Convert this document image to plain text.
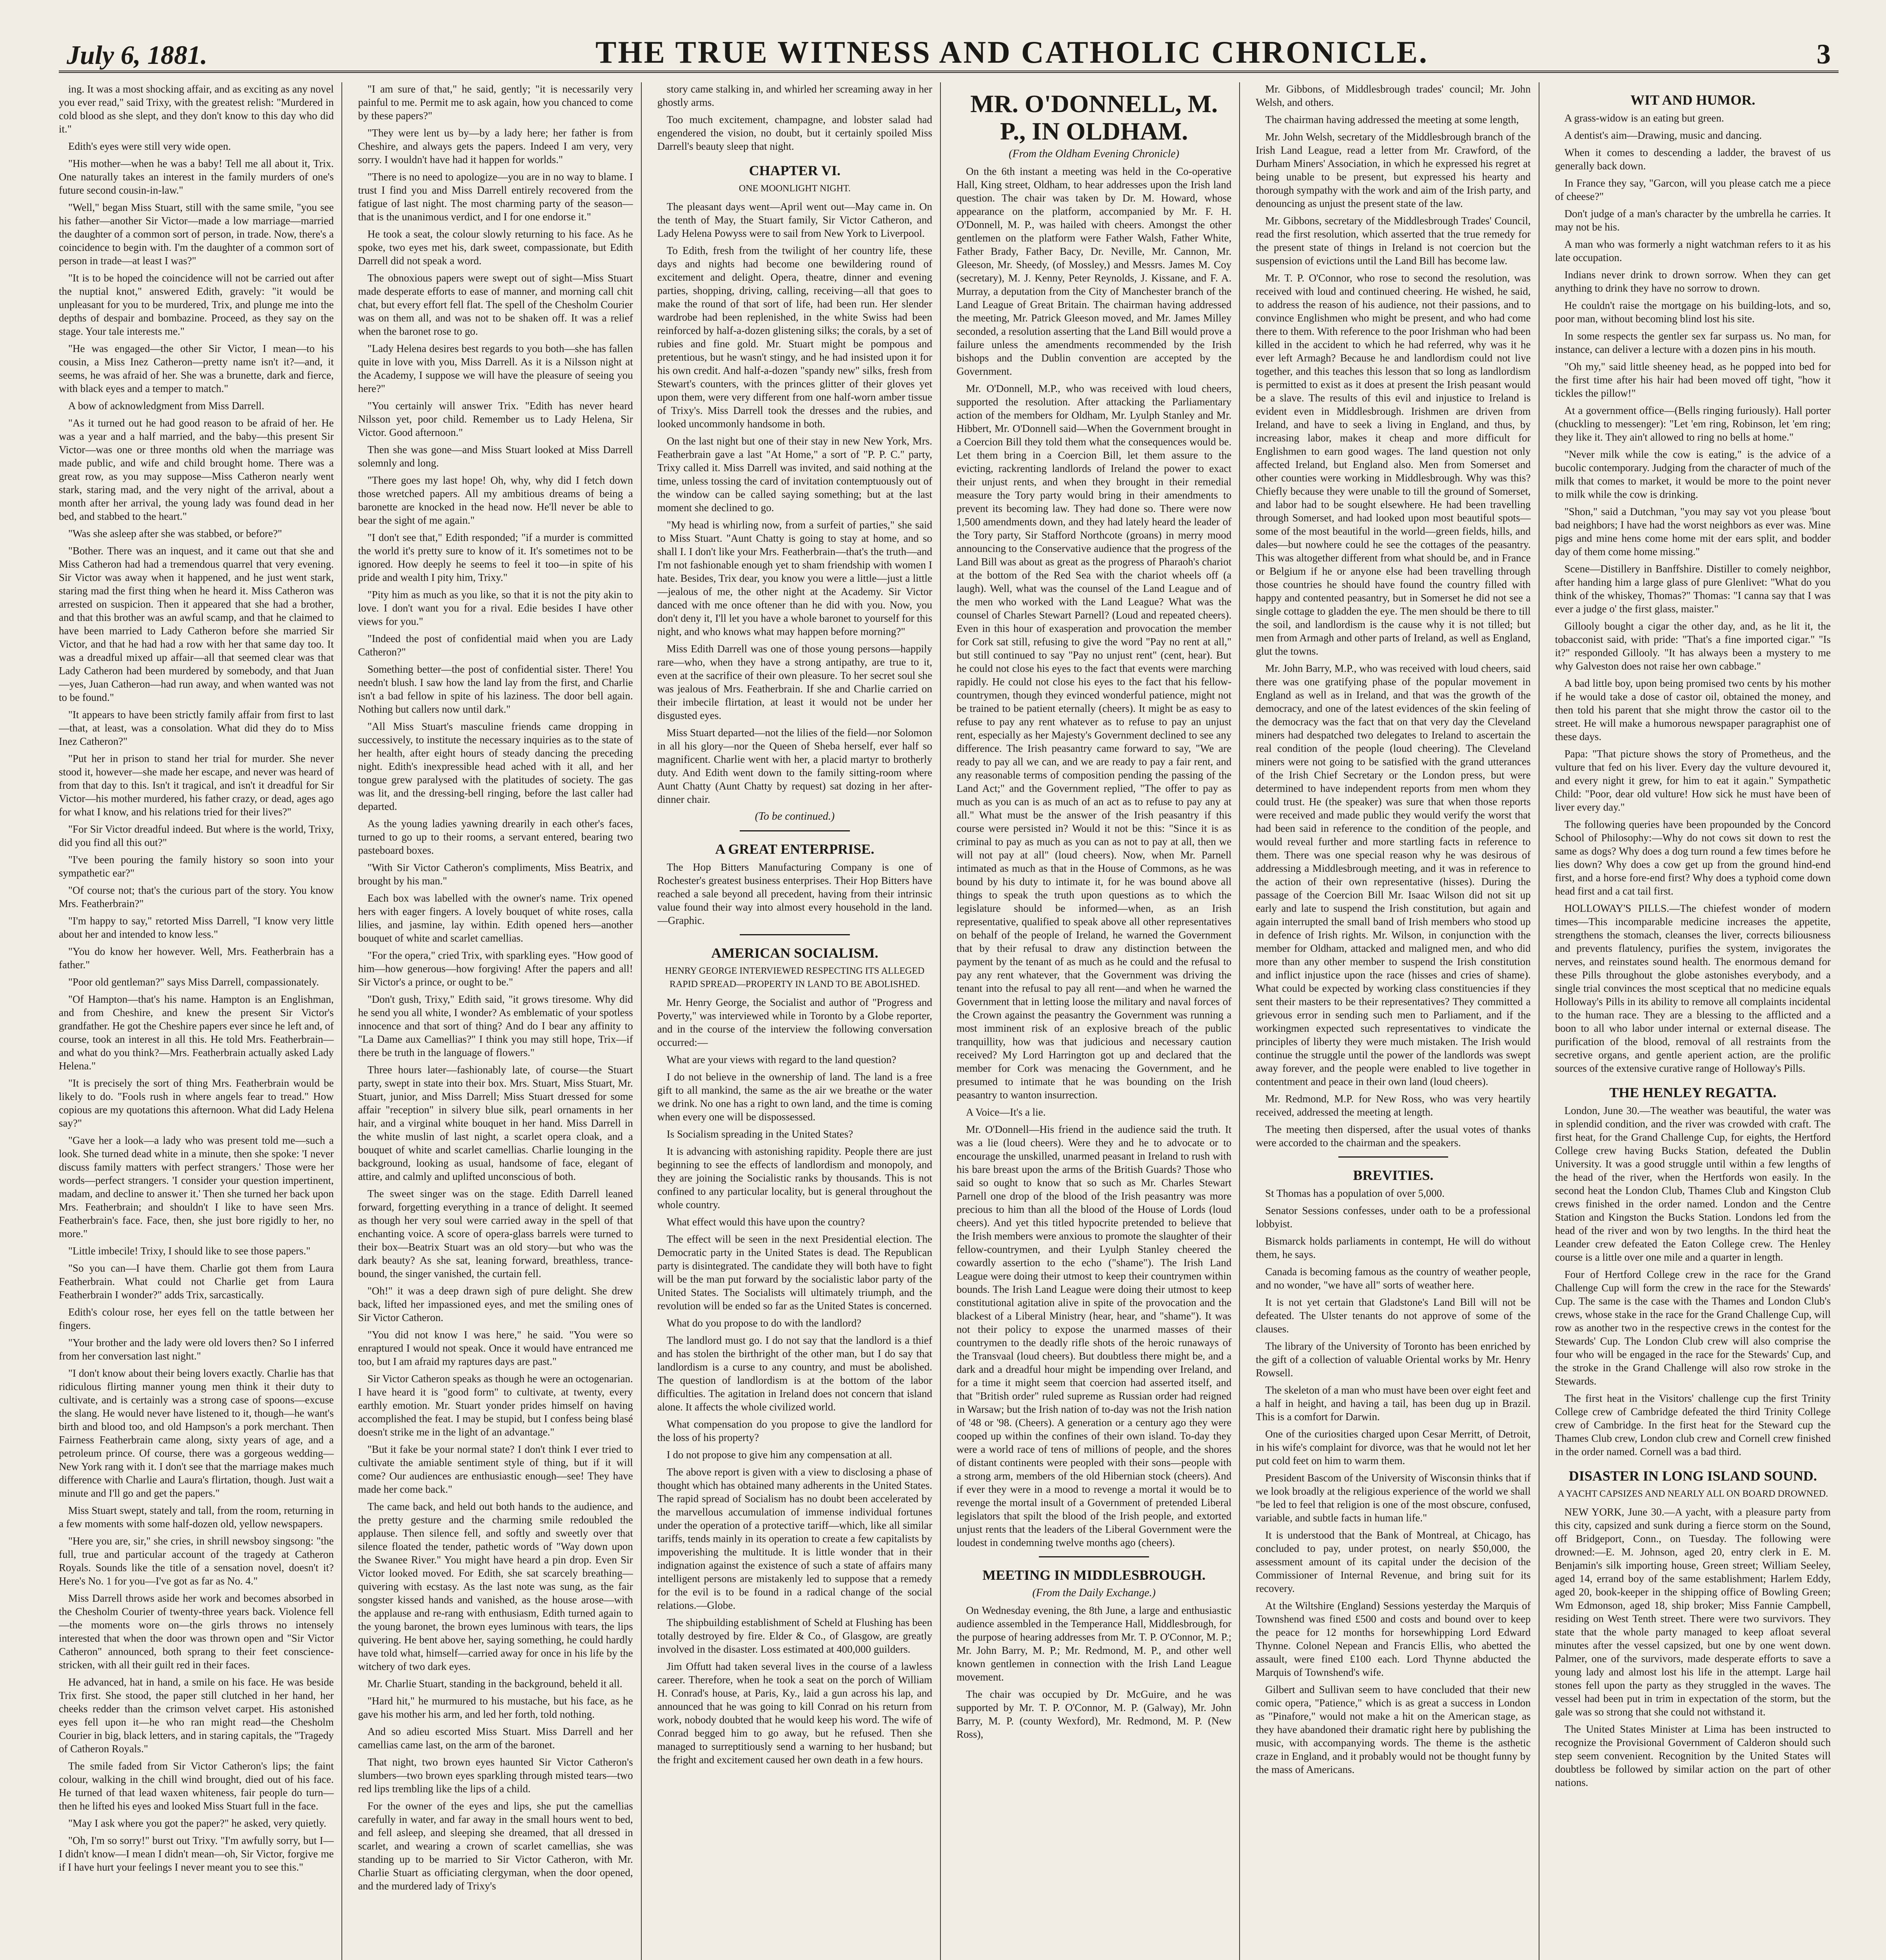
July 6, 1881.	THE TRUE WITNESS AND CATHOLIC CHRONICLE.	3

ing. It was a most shocking affair, and as exciting as any novel you ever read," said Trixy, with the greatest relish: "Murdered in cold blood as she slept, and they don't know to this day who did it."

Edith's eyes were still very wide open.

"His mother—when he was a baby! Tell me all about it, Trix. One naturally takes an interest in the family murders of one's future second cousin-in-law."

"Well," began Miss Stuart, still with the same smile, "you see his father—another Sir Victor—made a low marriage—married the daughter of a common sort of person, in trade. Now, there's a coincidence to begin with. I'm the daughter of a common sort of person in trade—at least I was?"

"It is to be hoped the coincidence will not be carried out after the nuptial knot," answered Edith, gravely: "it would be unpleasant for you to be murdered, Trix, and plunge me into the depths of despair and bombazine. Proceed, as they say on the stage. Your tale interests me."

"He was engaged—the other Sir Victor, I mean—to his cousin, a Miss Inez Catheron—pretty name isn't it?—and, it seems, he was afraid of her. She was a brunette, dark and fierce, with black eyes and a temper to match."

A bow of acknowledgment from Miss Darrell.

"As it turned out he had good reason to be afraid of her. He was a year and a half married, and the baby—this present Sir Victor—was one or three months old when the marriage was made public, and wife and child brought home. There was a great row, as you may suppose—Miss Catheron nearly went stark, staring mad, and the very night of the arrival, about a month after her arrival, the young lady was found dead in her bed, and stabbed to the heart."

"Was she asleep after she was stabbed, or before?"

"Bother. There was an inquest, and it came out that she and Miss Catheron had had a tremendous quarrel that very evening. Sir Victor was away when it happened, and he just went stark, staring mad the first thing when he heard it. Miss Catheron was arrested on suspicion. Then it appeared that she had a brother, and that this brother was an awful scamp, and that he claimed to have been married to Lady Catheron before she married Sir Victor, and that he had had a row with her that same day too. It was a dreadful mixed up affair—all that seemed clear was that Lady Catheron had been murdered by somebody, and that Juan—yes, Juan Catheron—had run away, and when wanted was not to be found."

"It appears to have been strictly family affair from first to last—that, at least, was a consolation. What did they do to Miss Inez Catheron?"

"Put her in prison to stand her trial for murder. She never stood it, however—she made her escape, and never was heard of from that day to this. Isn't it tragical, and isn't it dreadful for Sir Victor—his mother murdered, his father crazy, or dead, ages ago for what I know, and his relations tried for their lives?"

"For Sir Victor dreadful indeed. But where is the world, Trixy, did you find all this out?"

"I've been pouring the family history so soon into your sympathetic ear?"

"Of course not; that's the curious part of the story. You know Mrs. Featherbrain?"

"I'm happy to say," retorted Miss Darrell, "I know very little about her and intended to know less."

"You do know her however. Well, Mrs. Featherbrain has a father."

"Poor old gentleman?" says Miss Darrell, compassionately.

"Of Hampton—that's his name. Hampton is an Englishman, and from Cheshire, and knew the present Sir Victor's grandfather. He got the Cheshire papers ever since he left and, of course, took an interest in all this. He told Mrs. Featherbrain—and what do you think?—Mrs. Featherbrain actually asked Lady Helena."

"It is precisely the sort of thing Mrs. Featherbrain would be likely to do. "Fools rush in where angels fear to tread." How copious are my quotations this afternoon. What did Lady Helena say?"

"Gave her a look—a lady who was present told me—such a look. She turned dead white in a minute, then she spoke: 'I never discuss family matters with perfect strangers.' Those were her words—perfect strangers. 'I consider your question impertinent, madam, and decline to answer it.' Then she turned her back upon Mrs. Featherbrain; and shouldn't I like to have seen Mrs. Featherbrain's face. Face, then, she just bore rigidly to her, no more."

"Little imbecile! Trixy, I should like to see those papers."

"So you can—I have them. Charlie got them from Laura Featherbrain. What could not Charlie get from Laura Featherbrain I wonder?" adds Trix, sarcastically.

Edith's colour rose, her eyes fell on the tattle between her fingers.

"Your brother and the lady were old lovers then? So I inferred from her conversation last night."

"I don't know about their being lovers exactly. Charlie has that ridiculous flirting manner young men think it their duty to cultivate, and is certainly was a strong case of spoons—excuse the slang. He would never have listened to it, though—he want's birth and blood too, and old Hampson's a pork merchant. Then Fairness Featherbrain came along, sixty years of age, and a petroleum prince. Of course, there was a gorgeous wedding—New York rang with it. I don't see that the marriage makes much difference with Charlie and Laura's flirtation, though. Just wait a minute and I'll go and get the papers."

Miss Stuart swept, stately and tall, from the room, returning in a few moments with some half-dozen old, yellow newspapers.

"Here you are, sir," she cries, in shrill newsboy singsong: "the full, true and particular account of the tragedy at Catheron Royals. Sounds like the title of a sensation novel, doesn't it? Here's No. 1 for you—I've got as far as No. 4."

Miss Darrell throws aside her work and becomes absorbed in the Chesholm Courier of twenty-three years back. Violence fell—the moments wore on—the girls throws no intensely interested that when the door was thrown open and "Sir Victor Catheron" announced, both sprang to their feet conscience-stricken, with all their guilt red in their faces.

He advanced, hat in hand, a smile on his face. He was beside Trix first. She stood, the paper still clutched in her hand, her cheeks redder than the crimson velvet carpet. His astonished eyes fell upon it—he who ran might read—the Chesholm Courier in big, black letters, and in staring capitals, the "Tragedy of Catheron Royals."

The smile faded from Sir Victor Catheron's lips; the faint colour, walking in the chill wind brought, died out of his face. He turned of that lead waxen whiteness, fair people do turn—then he lifted his eyes and looked Miss Stuart full in the face.

"May I ask where you got the paper?" he asked, very quietly.

"Oh, I'm so sorry!" burst out Trixy. "I'm awfully sorry, but I—I didn't know—I mean I didn't mean—oh, Sir Victor, forgive me if I have hurt your feelings I never meant you to see this."

"I am sure of that," he said, gently; "it is necessarily very painful to me. Permit me to ask again, how you chanced to come by these papers?"

"They were lent us by—by a lady here; her father is from Cheshire, and always gets the papers. Indeed I am very, very sorry. I wouldn't have had it happen for worlds."

"There is no need to apologize—you are in no way to blame. I trust I find you and Miss Darrell entirely recovered from the fatigue of last night. The most charming party of the season—that is the unanimous verdict, and I for one endorse it."

He took a seat, the colour slowly returning to his face. As he spoke, two eyes met his, dark sweet, compassionate, but Edith Darrell did not speak a word.

The obnoxious papers were swept out of sight—Miss Stuart made desperate efforts to ease of manner, and morning call chit chat, but every effort fell flat. The spell of the Chesholm Courier was on them all, and was not to be shaken off. It was a relief when the baronet rose to go.

"Lady Helena desires best regards to you both—she has fallen quite in love with you, Miss Darrell. As it is a Nilsson night at the Academy, I suppose we will have the pleasure of seeing you here?"

"You certainly will answer Trix. "Edith has never heard Nilsson yet, poor child. Remember us to Lady Helena, Sir Victor. Good afternoon."

Then she was gone—and Miss Stuart looked at Miss Darrell solemnly and long.

"There goes my last hope! Oh, why, why did I fetch down those wretched papers. All my ambitious dreams of being a baronette are knocked in the head now. He'll never be able to bear the sight of me again."

"I don't see that," Edith responded; "if a murder is committed the world it's pretty sure to know of it. It's sometimes not to be ignored. How deeply he seems to feel it too—in spite of his pride and wealth I pity him, Trixy."

"Pity him as much as you like, so that it is not the pity akin to love. I don't want you for a rival. Edie besides I have other views for you."

"Indeed the post of confidential maid when you are Lady Catheron?"

Something better—the post of confidential sister. There! You needn't blush. I saw how the land lay from the first, and Charlie isn't a bad fellow in spite of his laziness. The door bell again. Nothing but callers now until dark."

"All Miss Stuart's masculine friends came dropping in successively, to institute the necessary inquiries as to the state of her health, after eight hours of steady dancing the preceding night. Edith's inexpressible head ached with it all, and her tongue grew paralysed with the platitudes of society. The gas was lit, and the dressing-bell ringing, before the last caller had departed.

As the young ladies yawning drearily in each other's faces, turned to go up to their rooms, a servant entered, bearing two pasteboard boxes.

"With Sir Victor Catheron's compliments, Miss Beatrix, and brought by his man."

Each box was labelled with the owner's name. Trix opened hers with eager fingers. A lovely bouquet of white roses, calla lilies, and jasmine, lay within. Edith opened hers—another bouquet of white and scarlet camellias.

"For the opera," cried Trix, with sparkling eyes. "How good of him—how generous—how forgiving! After the papers and all! Sir Victor's a prince, or ought to be."

"Don't gush, Trixy," Edith said, "it grows tiresome. Why did he send you all white, I wonder? As emblematic of your spotless innocence and that sort of thing? And do I bear any affinity to "La Dame aux Camellias?" I think you may still hope, Trix—if there be truth in the language of flowers."

Three hours later—fashionably late, of course—the Stuart party, swept in state into their box. Mrs. Stuart, Miss Stuart, Mr. Stuart, junior, and Miss Darrell; Miss Stuart dressed for some affair "reception" in silvery blue silk, pearl ornaments in her hair, and a virginal white bouquet in her hand. Miss Darrell in the white muslin of last night, a scarlet opera cloak, and a bouquet of white and scarlet camellias. Charlie lounging in the background, looking as usual, handsome of face, elegant of attire, and calmly and uplifted unconscious of both.

The sweet singer was on the stage. Edith Darrell leaned forward, forgetting everything in a trance of delight. It seemed as though her very soul were carried away in the spell of that enchanting voice. A score of opera-glass barrels were turned to their box—Beatrix Stuart was an old story—but who was the dark beauty? As she sat, leaning forward, breathless, trance-bound, the singer vanished, the curtain fell.

"Oh!" it was a deep drawn sigh of pure delight. She drew back, lifted her impassioned eyes, and met the smiling ones of Sir Victor Catheron.

"You did not know I was here," he said. "You were so enraptured I would not speak. Once it would have entranced me too, but I am afraid my raptures days are past."

Sir Victor Catheron speaks as though he were an octogenarian. I have heard it is "good form" to cultivate, at twenty, every earthly emotion. Mr. Stuart yonder prides himself on having accomplished the feat. I may be stupid, but I confess being blasé doesn't strike me in the light of an advantage."

"But it fake be your normal state? I don't think I ever tried to cultivate the amiable sentiment style of thing, but if it will come? Our audiences are enthusiastic enough—see! They have made her come back."

The came back, and held out both hands to the audience, and the pretty gesture and the charming smile redoubled the applause. Then silence fell, and softly and sweetly over that silence floated the tender, pathetic words of "Way down upon the Swanee River." You might have heard a pin drop. Even Sir Victor looked moved. For Edith, she sat scarcely breathing—quivering with ecstasy. As the last note was sung, as the fair songster kissed hands and vanished, as the house arose—with the applause and re-rang with enthusiasm, Edith turned again to the young baronet, the brown eyes luminous with tears, the lips quivering. He bent above her, saying something, he could hardly have told what, himself—carried away for once in his life by the witchery of two dark eyes.

Mr. Charlie Stuart, standing in the background, beheld it all.

"Hard hit," he murmured to his mustache, but his face, as he gave his mother his arm, and led her forth, told nothing.

And so adieu escorted Miss Stuart. Miss Darrell and her camellias came last, on the arm of the baronet.

That night, two brown eyes haunted Sir Victor Catheron's slumbers—two brown eyes sparkling through misted tears—two red lips trembling like the lips of a child.

For the owner of the eyes and lips, she put the camellias carefully in water, and far away in the small hours went to bed, and fell asleep, and sleeping she dreamed, that all dressed in scarlet, and wearing a crown of scarlet camellias, she was standing up to be married to Sir Victor Catheron, with Mr. Charlie Stuart as officiating clergyman, when the door opened, and the murdered lady of Trixy's

story came stalking in, and whirled her screaming away in her ghostly arms.

Too much excitement, champagne, and lobster salad had engendered the vision, no doubt, but it certainly spoiled Miss Darrell's beauty sleep that night.

CHAPTER VI.

ONE MOONLIGHT NIGHT.

The pleasant days went—April went out—May came in. On the tenth of May, the Stuart family, Sir Victor Catheron, and Lady Helena Powyss were to sail from New York to Liverpool.

To Edith, fresh from the twilight of her country life, these days and nights had become one bewildering round of excitement and delight. Opera, theatre, dinner and evening parties, shopping, driving, calling, receiving—all that goes to make the round of that sort of life, had been run. Her slender wardrobe had been replenished, in the white Swiss had been reinforced by half-a-dozen glistening silks; the corals, by a set of rubies and fine gold. Mr. Stuart might be pompous and pretentious, but he wasn't stingy, and he had insisted upon it for his own credit. And half-a-dozen "spandy new" silks, fresh from Stewart's counters, with the princes glitter of their gloves yet upon them, were very different from one half-worn amber tissue of Trixy's. Miss Darrell took the dresses and the rubies, and looked uncommonly handsome in both.

On the last night but one of their stay in new New York, Mrs. Featherbrain gave a last "At Home," a sort of "P. P. C." party, Trixy called it. Miss Darrell was invited, and said nothing at the time, unless tossing the card of invitation contemptuously out of the window can be called saying something; but at the last moment she declined to go.

"My head is whirling now, from a surfeit of parties," she said to Miss Stuart. "Aunt Chatty is going to stay at home, and so shall I. I don't like your Mrs. Featherbrain—that's the truth—and I'm not fashionable enough yet to sham friendship with women I hate. Besides, Trix dear, you know you were a little—just a little—jealous of me, the other night at the Academy. Sir Victor danced with me once oftener than he did with you. Now, you don't deny it, I'll let you have a whole baronet to yourself for this night, and who knows what may happen before morning?"

Miss Edith Darrell was one of those young persons—happily rare—who, when they have a strong antipathy, are true to it, even at the sacrifice of their own pleasure. To her secret soul she was jealous of Mrs. Featherbrain. If she and Charlie carried on their imbecile flirtation, at least it would not be under her disgusted eyes.

Miss Stuart departed—not the lilies of the field—nor Solomon in all his glory—nor the Queen of Sheba herself, ever half so magnificent. Charlie went with her, a placid martyr to brotherly duty. And Edith went down to the family sitting-room where Aunt Chatty (Aunt Chatty by request) sat dozing in her after-dinner chair.

(To be continued.)

A GREAT ENTERPRISE.

The Hop Bitters Manufacturing Company is one of Rochester's greatest business enterprises. Their Hop Bitters have reached a sale beyond all precedent, having from their intrinsic value found their way into almost every household in the land.—Graphic.

AMERICAN SOCIALISM.

HENRY GEORGE INTERVIEWED RESPECTING ITS ALLEGED RAPID SPREAD—PROPERTY IN LAND TO BE ABOLISHED.

Mr. Henry George, the Socialist and author of "Progress and Poverty," was interviewed while in Toronto by a Globe reporter, and in the course of the interview the following conversation occurred:—

What are your views with regard to the land question?

I do not believe in the ownership of land. The land is a free gift to all mankind, the same as the air we breathe or the water we drink. No one has a right to own land, and the time is coming when every one will be dispossessed.

Is Socialism spreading in the United States?

It is advancing with astonishing rapidity. People there are just beginning to see the effects of landlordism and monopoly, and they are joining the Socialistic ranks by thousands. This is not confined to any particular locality, but is general throughout the whole country.

What effect would this have upon the country?

The effect will be seen in the next Presidential election. The Democratic party in the United States is dead. The Republican party is disintegrated. The candidate they will both have to fight will be the man put forward by the socialistic labor party of the United States. The Socialists will ultimately triumph, and the revolution will be ended so far as the United States is concerned.

What do you propose to do with the landlord?

The landlord must go. I do not say that the landlord is a thief and has stolen the birthright of the other man, but I do say that landlordism is a curse to any country, and must be abolished. The question of landlordism is at the bottom of the labor difficulties. The agitation in Ireland does not concern that island alone. It affects the whole civilized world.

What compensation do you propose to give the landlord for the loss of his property?

I do not propose to give him any compensation at all.

The above report is given with a view to disclosing a phase of thought which has obtained many adherents in the United States. The rapid spread of Socialism has no doubt been accelerated by the marvellous accumulation of immense individual fortunes under the operation of a protective tariff—which, like all similar tariffs, tends mainly in its operation to create a few capitalists by impoverishing the multitude. It is little wonder that in their indignation against the existence of such a state of affairs many intelligent persons are mistakenly led to suppose that a remedy for the evil is to be found in a radical change of the social relations.—Globe.

The shipbuilding establishment of Scheld at Flushing has been totally destroyed by fire. Elder & Co., of Glasgow, are greatly involved in the disaster. Loss estimated at 400,000 guilders.

Jim Offutt had taken several lives in the course of a lawless career. Therefore, when he took a seat on the porch of William H. Conrad's house, at Paris, Ky., laid a gun across his lap, and announced that he was going to kill Conrad on his return from work, nobody doubted that he would keep his word. The wife of Conrad begged him to go away, but he refused. Then she managed to surreptitiously send a warning to her husband; but the fright and excitement caused her own death in a few hours.

MR. O'DONNELL, M. P., IN OLDHAM.

(From the Oldham Evening Chronicle)

On the 6th instant a meeting was held in the Co-operative Hall, King street, Oldham, to hear addresses upon the Irish land question. The chair was taken by Dr. M. Howard, whose appearance on the platform, accompanied by Mr. F. H. O'Donnell, M. P., was hailed with cheers. Amongst the other gentlemen on the platform were Father Walsh, Father White, Father Brady, Father Bacy, Dr. Neville, Mr. Cannon, Mr. Gleeson, Mr. Sheedy, (of Mossley,) and Messrs. James M. Coy (secretary), M. J. Kenny, Peter Reynolds, J. Kissane, and F. A. Murray, a deputation from the City of Manchester branch of the Land League of Great Britain. The chairman having addressed the meeting, Mr. Patrick Gleeson moved, and Mr. James Milley seconded, a resolution asserting that the Land Bill would prove a failure unless the amendments recommended by the Irish bishops and the Dublin convention are accepted by the Government.

Mr. O'Donnell, M.P., who was received with loud cheers, supported the resolution. After attacking the Parliamentary action of the members for Oldham, Mr. Lyulph Stanley and Mr. Hibbert, Mr. O'Donnell said—When the Government brought in a Coercion Bill they told them what the consequences would be. Let them bring in a Coercion Bill, let them assure to the evicting, rackrenting landlords of Ireland the power to exact their unjust rents, and when they brought in their remedial measure the Tory party would bring in their amendments to prevent its becoming law. They had done so. There were now 1,500 amendments down, and they had lately heard the leader of the Tory party, Sir Stafford Northcote (groans) in merry mood announcing to the Conservative audience that the progress of the Land Bill was about as great as the progress of Pharaoh's chariot at the bottom of the Red Sea with the chariot wheels off (a laugh). Well, what was the counsel of the Land League and of the men who worked with the Land League? What was the counsel of Charles Stewart Parnell? (Loud and repeated cheers). Even in this hour of exasperation and provocation the member for Cork sat still, refusing to give the word "Pay no rent at all," but still continued to say "Pay no unjust rent" (cent, hear). But he could not close his eyes to the fact that events were marching rapidly. He could not close his eyes to the fact that his fellow-countrymen, though they evinced wonderful patience, might not be trained to be patient eternally (cheers). It might be as easy to refuse to pay any rent whatever as to refuse to pay an unjust rent, especially as her Majesty's Government declined to see any difference. The Irish peasantry came forward to say, "We are ready to pay all we can, and we are ready to pay a fair rent, and any reasonable terms of composition pending the passing of the Land Act;" and the Government replied, "The offer to pay as much as you can is as much of an act as to refuse to pay any at all." What must be the answer of the Irish peasantry if this course were persisted in? Would it not be this: "Since it is as criminal to pay as much as you can as not to pay at all, then we will not pay at all" (loud cheers). Now, when Mr. Parnell intimated as much as that in the House of Commons, as he was bound by his duty to intimate it, for he was bound above all things to speak the truth upon questions as to which the legislature should be informed—when, as an Irish representative, qualified to speak above all other representatives on behalf of the people of Ireland, he warned the Government that by their refusal to draw any distinction between the payment by the tenant of as much as he could and the refusal to pay any rent whatever, that the Government was driving the tenant into the refusal to pay all rent—and when he warned the Government that in letting loose the military and naval forces of the Crown against the peasantry the Government was running a most imminent risk of an explosive breach of the public tranquillity, how was that judicious and necessary caution received? My Lord Harrington got up and declared that the member for Cork was menacing the Government, and he presumed to intimate that he was bounding on the Irish peasantry to wanton insurrection.

A Voice—It's a lie.

Mr. O'Donnell—His friend in the audience said the truth. It was a lie (loud cheers). Were they and he to advocate or to encourage the unskilled, unarmed peasant in Ireland to rush with his bare breast upon the arms of the British Guards? Those who said so ought to know that so such as Mr. Charles Stewart Parnell one drop of the blood of the Irish peasantry was more precious to him than all the blood of the House of Lords (loud cheers). And yet this titled hypocrite pretended to believe that the Irish members were anxious to promote the slaughter of their fellow-countrymen, and their Lyulph Stanley cheered the cowardly assertion to the echo ("shame"). The Irish Land League were doing their utmost to keep their countrymen within bounds. The Irish Land League were doing their utmost to keep constitutional agitation alive in spite of the provocation and the blackest of a Liberal Ministry (hear, hear, and "shame"). It was not their policy to expose the unarmed masses of their countrymen to the deadly rifle shots of the heroic runaways of the Transvaal (loud cheers). But doubtless there might be, and a dark and a dreadful hour might be impending over Ireland, and for a time it might seem that coercion had asserted itself, and that "British order" ruled supreme as Russian order had reigned in Warsaw; but the Irish nation of to-day was not the Irish nation of '48 or '98. (Cheers). A generation or a century ago they were cooped up within the confines of their own island. To-day they were a world race of tens of millions of people, and the shores of distant continents were peopled with their sons—people with a strong arm, members of the old Hibernian stock (cheers). And if ever they were in a mood to revenge a mortal it would be to revenge the mortal insult of a Government of pretended Liberal legislators that spilt the blood of the Irish people, and extorted unjust rents that the leaders of the Liberal Government were the loudest in condemning twelve months ago (cheers).

MEETING IN MIDDLESBROUGH.

(From the Daily Exchange.)

On Wednesday evening, the 8th June, a large and enthusiastic audience assembled in the Temperance Hall, Middlesbrough, for the purpose of hearing addresses from Mr. T. P. O'Connor, M. P.; Mr. John Barry, M. P.; Mr. Redmond, M. P., and other well known gentlemen in connection with the Irish Land League movement.

The chair was occupied by Dr. McGuire, and he was supported by Mr. T. P. O'Connor, M. P. (Galway), Mr. John Barry, M. P. (county Wexford), Mr. Redmond, M. P. (New Ross),

Mr. Gibbons, of Middlesbrough trades' council; Mr. John Welsh, and others.

The chairman having addressed the meeting at some length,

Mr. John Welsh, secretary of the Middlesbrough branch of the Irish Land League, read a letter from Mr. Crawford, of the Durham Miners' Association, in which he expressed his regret at being unable to be present, but expressed his hearty and thorough sympathy with the work and aim of the Irish party, and denouncing as unjust the present state of the law.

Mr. Gibbons, secretary of the Middlesbrough Trades' Council, read the first resolution, which asserted that the true remedy for the present state of things in Ireland is not coercion but the suspension of evictions until the Land Bill has become law.

Mr. T. P. O'Connor, who rose to second the resolution, was received with loud and continued cheering. He wished, he said, to address the reason of his audience, not their passions, and to convince Englishmen who might be present, and who had come there to them. With reference to the poor Irishman who had been killed in the accident to which he had referred, why was it he ever left Armagh? Because he and landlordism could not live together, and this teaches this lesson that so long as landlordism is permitted to exist as it does at present the Irish peasant would be a slave. The results of this evil and injustice to Ireland is evident even in Middlesbrough. Irishmen are driven from Ireland, and have to seek a living in England, and thus, by increasing labor, makes it cheap and more difficult for Englishmen to earn good wages. The land question not only affected Ireland, but England also. Men from Somerset and other counties were working in Middlesbrough. Why was this? Chiefly because they were unable to till the ground of Somerset, and labor had to be sought elsewhere. He had been travelling through Somerset, and had looked upon most beautiful spots—some of the most beautiful in the world—green fields, hills, and dales—but nowhere could he see the cottages of the peasantry. This was altogether different from what should be, and in France or Belgium if he or anyone else had been travelling through those countries he should have found the country filled with happy and contented peasantry, but in Somerset he did not see a single cottage to gladden the eye. The men should be there to till the soil, and landlordism is the cause why it is not tilled; but men from Armagh and other parts of Ireland, as well as England, glut the towns.

Mr. John Barry, M.P., who was received with loud cheers, said there was one gratifying phase of the popular movement in England as well as in Ireland, and that was the growth of the democracy, and one of the latest evidences of the skin feeling of the democracy was the fact that on that very day the Cleveland miners had despatched two delegates to Ireland to ascertain the real condition of the people (loud cheering). The Cleveland miners were not going to be satisfied with the grand utterances of the Irish Chief Secretary or the London press, but were determined to have independent reports from men whom they could trust. He (the speaker) was sure that when those reports were received and made public they would verify the worst that had been said in reference to the condition of the people, and would reveal further and more startling facts in reference to them. There was one special reason why he was desirous of addressing a Middlesbrough meeting, and it was in reference to the action of their own representative (hisses). During the passage of the Coercion Bill Mr. Isaac Wilson did not sit up early and late to suspend the Irish constitution, but again and again interrupted the small band of Irish members who stood up in defence of Irish rights. Mr. Wilson, in conjunction with the member for Oldham, attacked and maligned men, and who did more than any other member to suspend the Irish constitution and inflict injustice upon the race (hisses and cries of shame). What could be expected by working class constituencies if they sent their masters to be their representatives? They committed a grievous error in sending such men to Parliament, and if the workingmen expected such representatives to vindicate the principles of liberty they were much mistaken. The Irish would continue the struggle until the power of the landlords was swept away forever, and the people were enabled to live together in contentment and peace in their own land (loud cheers).

Mr. Redmond, M.P. for New Ross, who was very heartily received, addressed the meeting at length.

The meeting then dispersed, after the usual votes of thanks were accorded to the chairman and the speakers.

BREVITIES.

St Thomas has a population of over 5,000.

Senator Sessions confesses, under oath to be a professional lobbyist.

Bismarck holds parliaments in contempt, He will do without them, he says.

Canada is becoming famous as the country of weather people, and no wonder, "we have all" sorts of weather here.

It is not yet certain that Gladstone's Land Bill will not be defeated. The Ulster tenants do not approve of some of the clauses.

The library of the University of Toronto has been enriched by the gift of a collection of valuable Oriental works by Mr. Henry Rowsell.

The skeleton of a man who must have been over eight feet and a half in height, and having a tail, has been dug up in Brazil. This is a comfort for Darwin.

One of the curiosities charged upon Cesar Merritt, of Detroit, in his wife's complaint for divorce, was that he would not let her put cold feet on him to warm them.

President Bascom of the University of Wisconsin thinks that if we look broadly at the religious experience of the world we shall "be led to feel that religion is one of the most obscure, confused, variable, and subtle facts in human life."

It is understood that the Bank of Montreal, at Chicago, has concluded to pay, under protest, on nearly $50,000, the assessment amount of its capital under the decision of the Commissioner of Internal Revenue, and bring suit for its recovery.

At the Wiltshire (England) Sessions yesterday the Marquis of Townshend was fined £500 and costs and bound over to keep the peace for 12 months for horsewhipping Lord Edward Thynne. Colonel Nepean and Francis Ellis, who abetted the assault, were fined £100 each. Lord Thynne abducted the Marquis of Townshend's wife.

Gilbert and Sullivan seem to have concluded that their new comic opera, "Patience," which is as great a success in London as "Pinafore," would not make a hit on the American stage, as they have abandoned their dramatic right here by publishing the music, with accompanying words. The theme is the asthetic craze in England, and it probably would not be thought funny by the mass of Americans.

WIT AND HUMOR.

A grass-widow is an eating but green.

A dentist's aim—Drawing, music and dancing.

When it comes to descending a ladder, the bravest of us generally back down.

In France they say, "Garcon, will you please catch me a piece of cheese?"

Don't judge of a man's character by the umbrella he carries. It may not be his.

A man who was formerly a night watchman refers to it as his late occupation.

Indians never drink to drown sorrow. When they can get anything to drink they have no sorrow to drown.

He couldn't raise the mortgage on his building-lots, and so, poor man, without becoming blind lost his site.

In some respects the gentler sex far surpass us. No man, for instance, can deliver a lecture with a dozen pins in his mouth.

"Oh my," said little sheeney head, as he popped into bed for the first time after his hair had been moved off tight, "how it tickles the pillow!"

At a government office—(Bells ringing furiously). Hall porter (chuckling to messenger): "Let 'em ring, Robinson, let 'em ring; they like it. They ain't allowed to ring no bells at home."

"Never milk while the cow is eating," is the advice of a bucolic contemporary. Judging from the character of much of the milk that comes to market, it would be more to the point never to milk while the cow is drinking.

"Shon," said a Dutchman, "you may say vot you please 'bout bad neighbors; I have had the worst neighbors as ever was. Mine pigs and mine hens come home mit der ears split, and bodder day of them come home missing."

Scene—Distillery in Banffshire. Distiller to comely neighbor, after handing him a large glass of pure Glenlivet: "What do you think of the whiskey, Thomas?" Thomas: "I canna say that I was ever a judge o' the first glass, maister."

Gillooly bought a cigar the other day, and, as he lit it, the tobacconist said, with pride: "That's a fine imported cigar." "Is it?" responded Gillooly. "It has always been a mystery to me why Galveston does not raise her own cabbage."

A bad little boy, upon being promised two cents by his mother if he would take a dose of castor oil, obtained the money, and then told his parent that she might throw the castor oil to the street. He will make a humorous newspaper paragraphist one of these days.

Papa: "That picture shows the story of Prometheus, and the vulture that fed on his liver. Every day the vulture devoured it, and every night it grew, for him to eat it again." Sympathetic Child: "Poor, dear old vulture! How sick he must have been of liver every day."

The following queries have been propounded by the Concord School of Philosophy:—Why do not cows sit down to rest the same as dogs? Why does a dog turn round a few times before he lies down? Why does a cow get up from the ground hind-end first, and a horse fore-end first? Why does a typhoid come down head first and a cat tail first.

HOLLOWAY'S PILLS.—The chiefest wonder of modern times—This incomparable medicine increases the appetite, strengthens the stomach, cleanses the liver, corrects biliousness and prevents flatulency, purifies the system, invigorates the nerves, and reinstates sound health. The enormous demand for these Pills throughout the globe astonishes everybody, and a single trial convinces the most sceptical that no medicine equals Holloway's Pills in its ability to remove all complaints incidental to the human race. They are a blessing to the afflicted and a boon to all who labor under internal or external disease. The purification of the blood, removal of all restraints from the secretive organs, and gentle aperient action, are the prolific sources of the extensive curative range of Holloway's Pills.

THE HENLEY REGATTA.

London, June 30.—The weather was beautiful, the water was in splendid condition, and the river was crowded with craft. The first heat, for the Grand Challenge Cup, for eights, the Hertford College crew having Bucks Station, defeated the Dublin University. It was a good struggle until within a few lengths of the head of the river, when the Hertfords won easily. In the second heat the London Club, Thames Club and Kingston Club crews finished in the order named. London and the Centre Station and Kingston the Bucks Station. Londons led from the head of the river and won by two lengths. In the third heat the Leander crew defeated the Eaton College crew. The Henley course is a little over one mile and a quarter in length.

Four of Hertford College crew in the race for the Grand Challenge Cup will form the crew in the race for the Stewards' Cup. The same is the case with the Thames and London Club's crews, whose stake in the race for the Grand Challenge Cup, will row as another two in the respective crews in the contest for the Stewards' Cup. The London Club crew will also comprise the four who will be engaged in the race for the Stewards' Cup, and the stroke in the Grand Challenge will also row stroke in the Stewards.

The first heat in the Visitors' challenge cup the first Trinity College crew of Cambridge defeated the third Trinity College crew of Cambridge. In the first heat for the Steward cup the Thames Club crew, London club crew and Cornell crew finished in the order named. Cornell was a bad third.

DISASTER IN LONG ISLAND SOUND.

A YACHT CAPSIZES AND NEARLY ALL ON BOARD DROWNED.

NEW YORK, June 30.—A yacht, with a pleasure party from this city, capsized and sunk during a fierce storm on the Sound, off Bridgeport, Conn., on Tuesday. The following were drowned:—E. M. Johnson, aged 20, entry clerk in E. M. Benjamin's silk importing house, Green street; William Seeley, aged 14, errand boy of the same establishment; Harlem Eddy, aged 20, book-keeper in the shipping office of Bowling Green; Wm Edmonson, aged 18, ship broker; Miss Fannie Campbell, residing on West Tenth street. There were two survivors. They state that the whole party managed to keep afloat several minutes after the vessel capsized, but one by one went down. Palmer, one of the survivors, made desperate efforts to save a young lady and almost lost his life in the attempt. Large hail stones fell upon the party as they struggled in the waves. The vessel had been put in trim in expectation of the storm, but the gale was so strong that she could not withstand it.

The United States Minister at Lima has been instructed to recognize the Provisional Government of Calderon should such step seem convenient. Recognition by the United States will doubtless be followed by similar action on the part of other nations.
